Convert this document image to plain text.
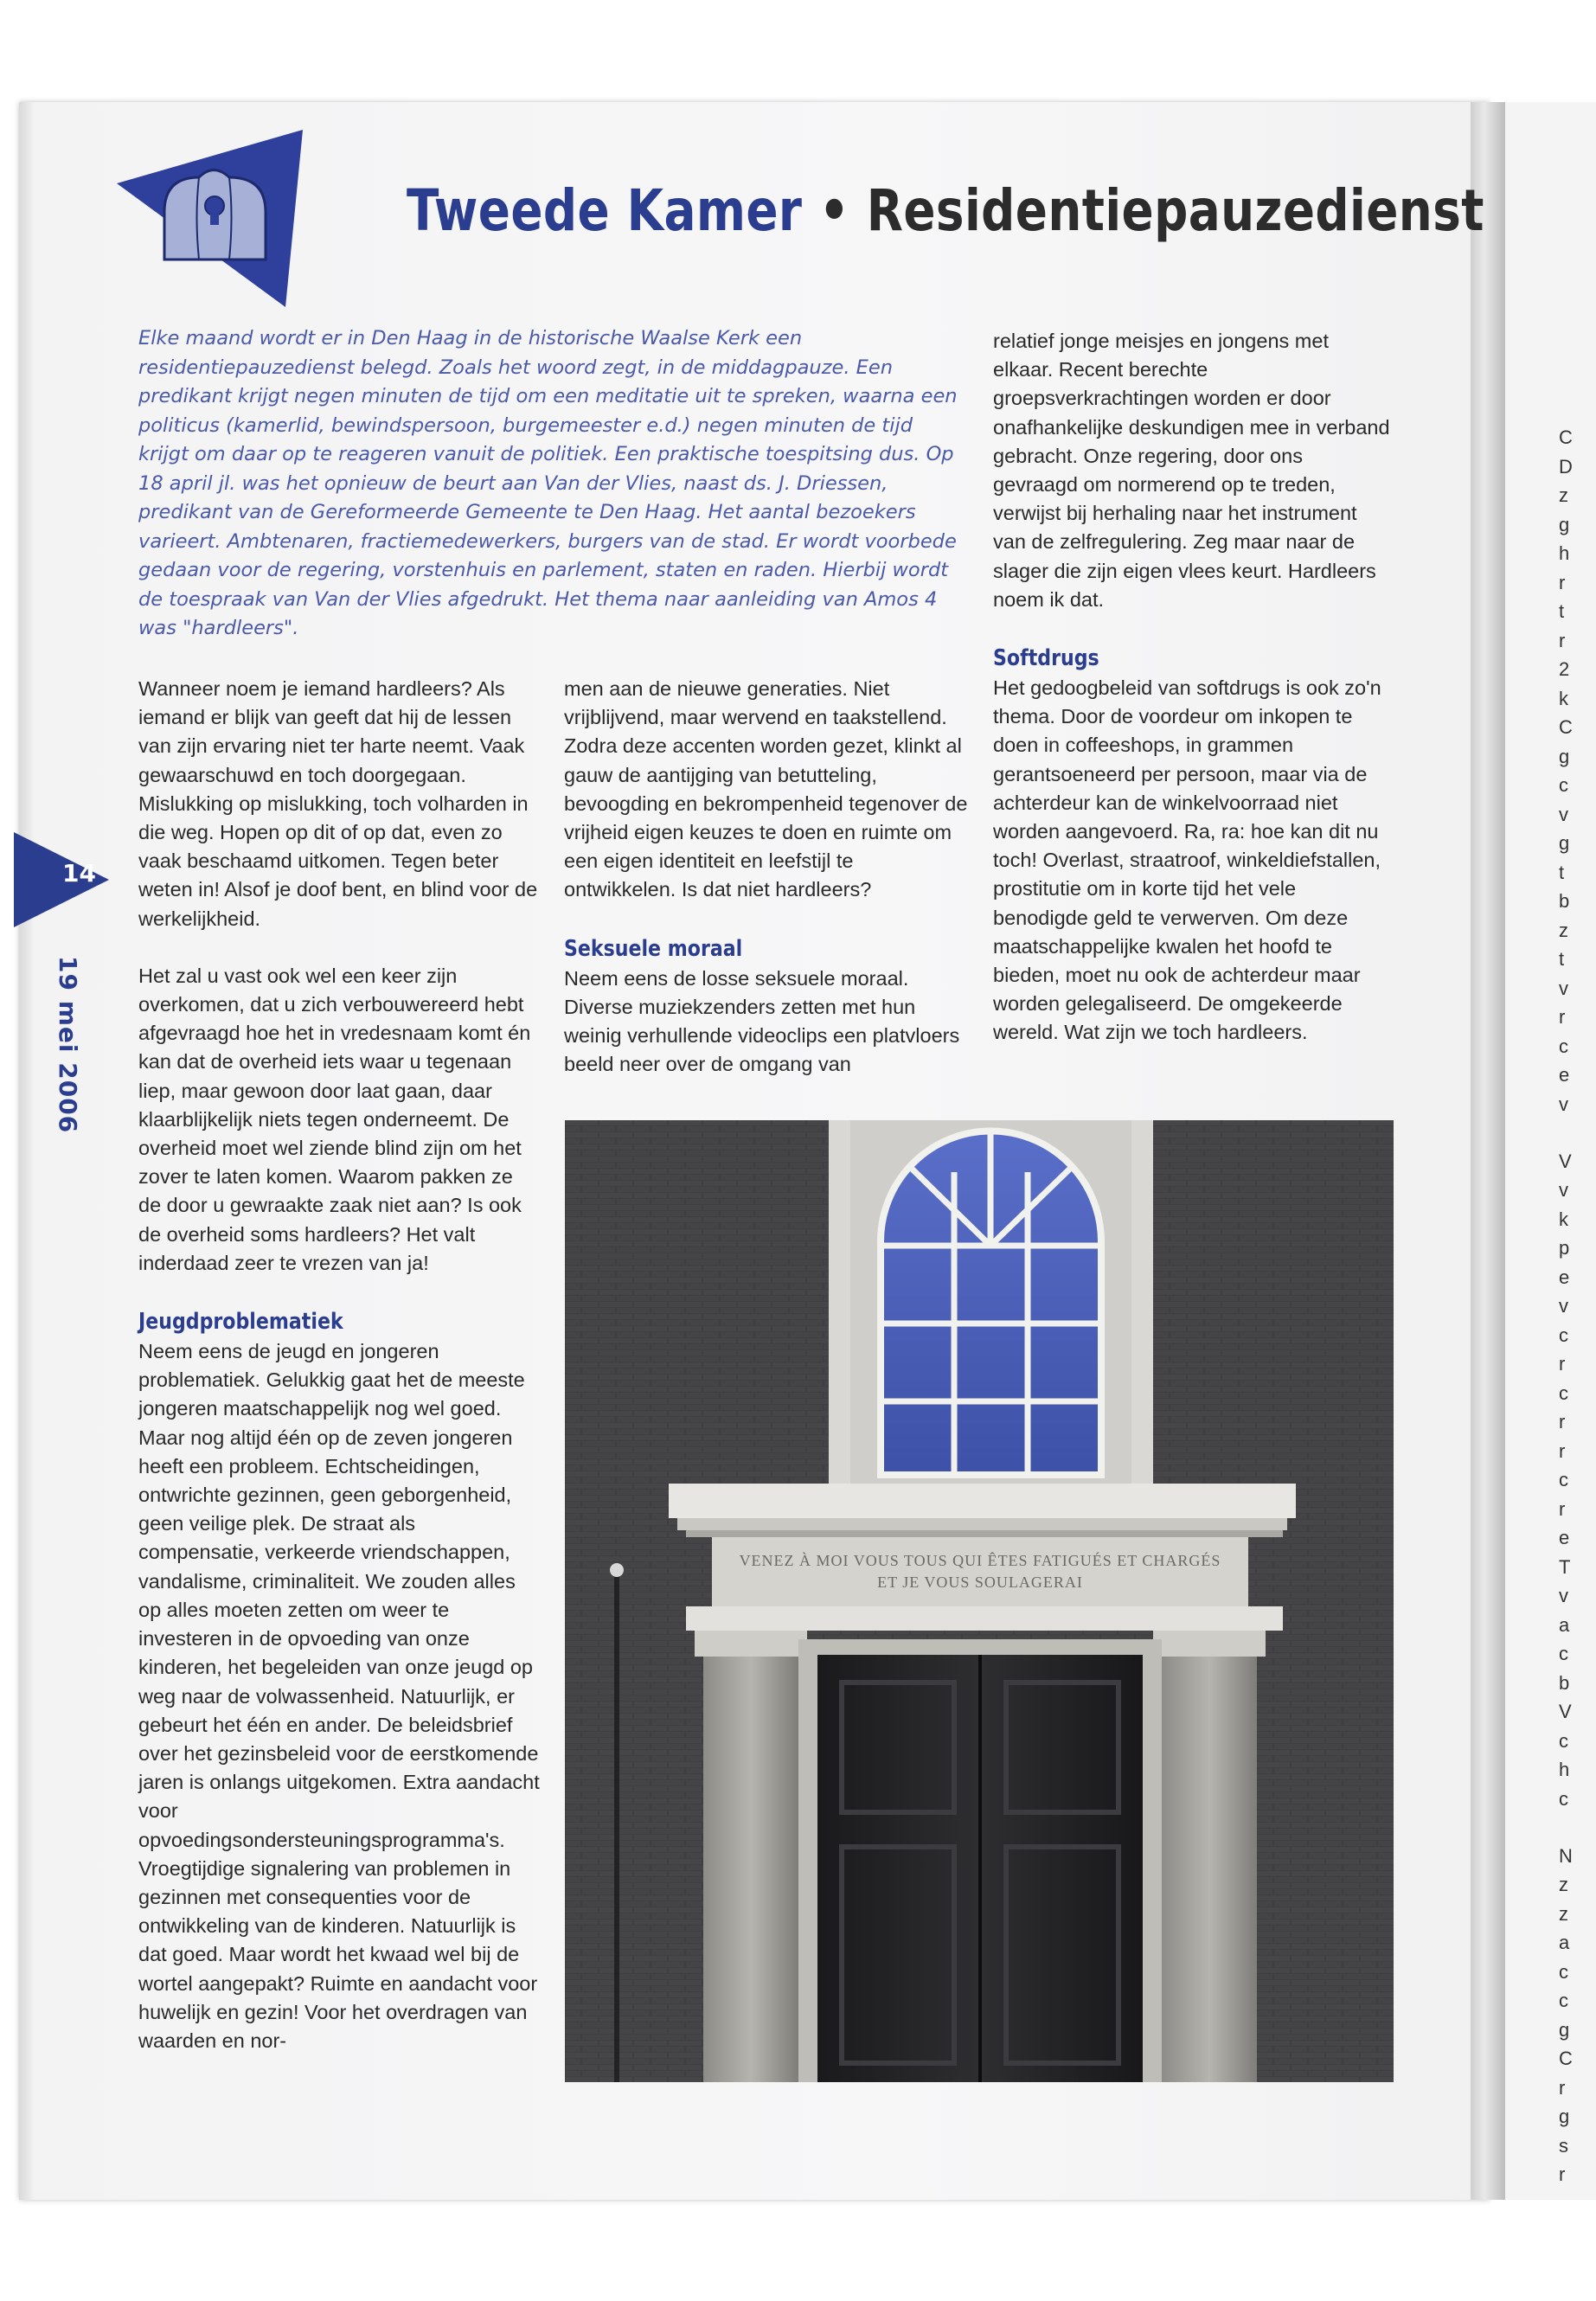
C
D
z
g
h
r
t
r
2
k
C
g
c
v
g
t
b
z
t
v
r
c
e
v
V
v
k
p
e
v
c
r
c
r
r
c
r
e
T
v
a
c
b
V
c
h
c
N
z
z
a
c
c
g
C
r
g
s
r
Tweede Kamer • Residentiepauzedienst

Elke maand wordt er in Den Haag in de historische Waalse Kerk een residentiepauzedienst belegd. Zoals het woord zegt, in de middagpauze. Een predikant krijgt negen minuten de tijd om een meditatie uit te spreken, waarna een politicus (kamerlid, bewindspersoon, burgemeester e.d.) negen minuten de tijd krijgt om daar op te reageren vanuit de politiek. Een praktische toespitsing dus. Op 18 april jl. was het opnieuw de beurt aan Van der Vlies, naast ds. J. Driessen, predikant van de Gereformeerde Gemeente te Den Haag. Het aantal bezoekers varieert. Ambtenaren, fractiemedewerkers, burgers van de stad. Er wordt voorbede gedaan voor de regering, vorstenhuis en parlement, staten en raden. Hierbij wordt de toespraak van Van der Vlies afgedrukt. Het thema naar aanleiding van Amos 4 was "hardleers".

Wanneer noem je iemand hardleers? Als iemand er blijk van geeft dat hij de lessen van zijn ervaring niet ter harte neemt. Vaak gewaarschuwd en toch doorgegaan. Mislukking op mislukking, toch volharden in die weg. Hopen op dit of op dat, even zo vaak beschaamd uitkomen. Tegen beter weten in! Alsof je doof bent, en blind voor de werkelijkheid.

Het zal u vast ook wel een keer zijn overkomen, dat u zich verbouwereerd hebt afgevraagd hoe het in vredesnaam komt én kan dat de overheid iets waar u tegenaan liep, maar gewoon door laat gaan, daar klaarblijkelijk niets tegen onderneemt. De overheid moet wel ziende blind zijn om het zover te laten komen. Waarom pakken ze de door u gewraakte zaak niet aan? Is ook de overheid soms hardleers? Het valt inderdaad zeer te vrezen van ja!

Jeugdproblematiek

Neem eens de jeugd en jongeren problematiek. Gelukkig gaat het de meeste jongeren maatschappelijk nog wel goed. Maar nog altijd één op de zeven jongeren heeft een probleem. Echtscheidingen, ontwrichte gezinnen, geen geborgenheid, geen veilige plek. De straat als compensatie, verkeerde vriendschappen, vandalisme, criminaliteit. We zouden alles op alles moeten zetten om weer te investeren in de opvoeding van onze kinderen, het begeleiden van onze jeugd op weg naar de volwassenheid. Natuurlijk, er gebeurt het één en ander. De beleidsbrief over het gezinsbeleid voor de eerstkomende jaren is onlangs uitgekomen. Extra aandacht voor opvoedingsondersteuningsprogramma's. Vroegtijdige signalering van problemen in gezinnen met consequenties voor de ontwikkeling van de kinderen. Natuurlijk is dat goed. Maar wordt het kwaad wel bij de wortel aangepakt? Ruimte en aandacht voor huwelijk en gezin! Voor het overdragen van waarden en nor-

men aan de nieuwe generaties. Niet vrijblijvend, maar wervend en taakstellend. Zodra deze accenten worden gezet, klinkt al gauw de aantijging van betutteling, bevoogding en bekrompenheid tegenover de vrijheid eigen keuzes te doen en ruimte om een eigen identiteit en leefstijl te ontwikkelen. Is dat niet hardleers?

Seksuele moraal

Neem eens de losse seksuele moraal. Diverse muziekzenders zetten met hun weinig verhullende videoclips een platvloers beeld neer over de omgang van

relatief jonge meisjes en jongens met elkaar. Recent berechte groepsverkrachtingen worden er door onafhankelijke deskundigen mee in verband gebracht. Onze regering, door ons gevraagd om normerend op te treden, verwijst bij herhaling naar het instrument van de zelfregulering. Zeg maar naar de slager die zijn eigen vlees keurt. Hardleers noem ik dat.

Softdrugs

Het gedoogbeleid van softdrugs is ook zo'n thema. Door de voordeur om inkopen te doen in coffeeshops, in grammen gerantsoeneerd per persoon, maar via de achterdeur kan de winkelvoorraad niet worden aangevoerd. Ra, ra: hoe kan dit nu toch! Overlast, straatroof, winkeldiefstallen, prostitutie om in korte tijd het vele benodigde geld te verwerven. Om deze maatschappelijke kwalen het hoofd te bieden, moet nu ook de achterdeur maar worden gelegaliseerd. De omgekeerde wereld. Wat zijn we toch hardleers.

14
19 mei 2006
VENEZ À MOI VOUS TOUS QUI ÊTES FATIGUÉS ET CHARGÉS
ET JE VOUS SOULAGERAI
